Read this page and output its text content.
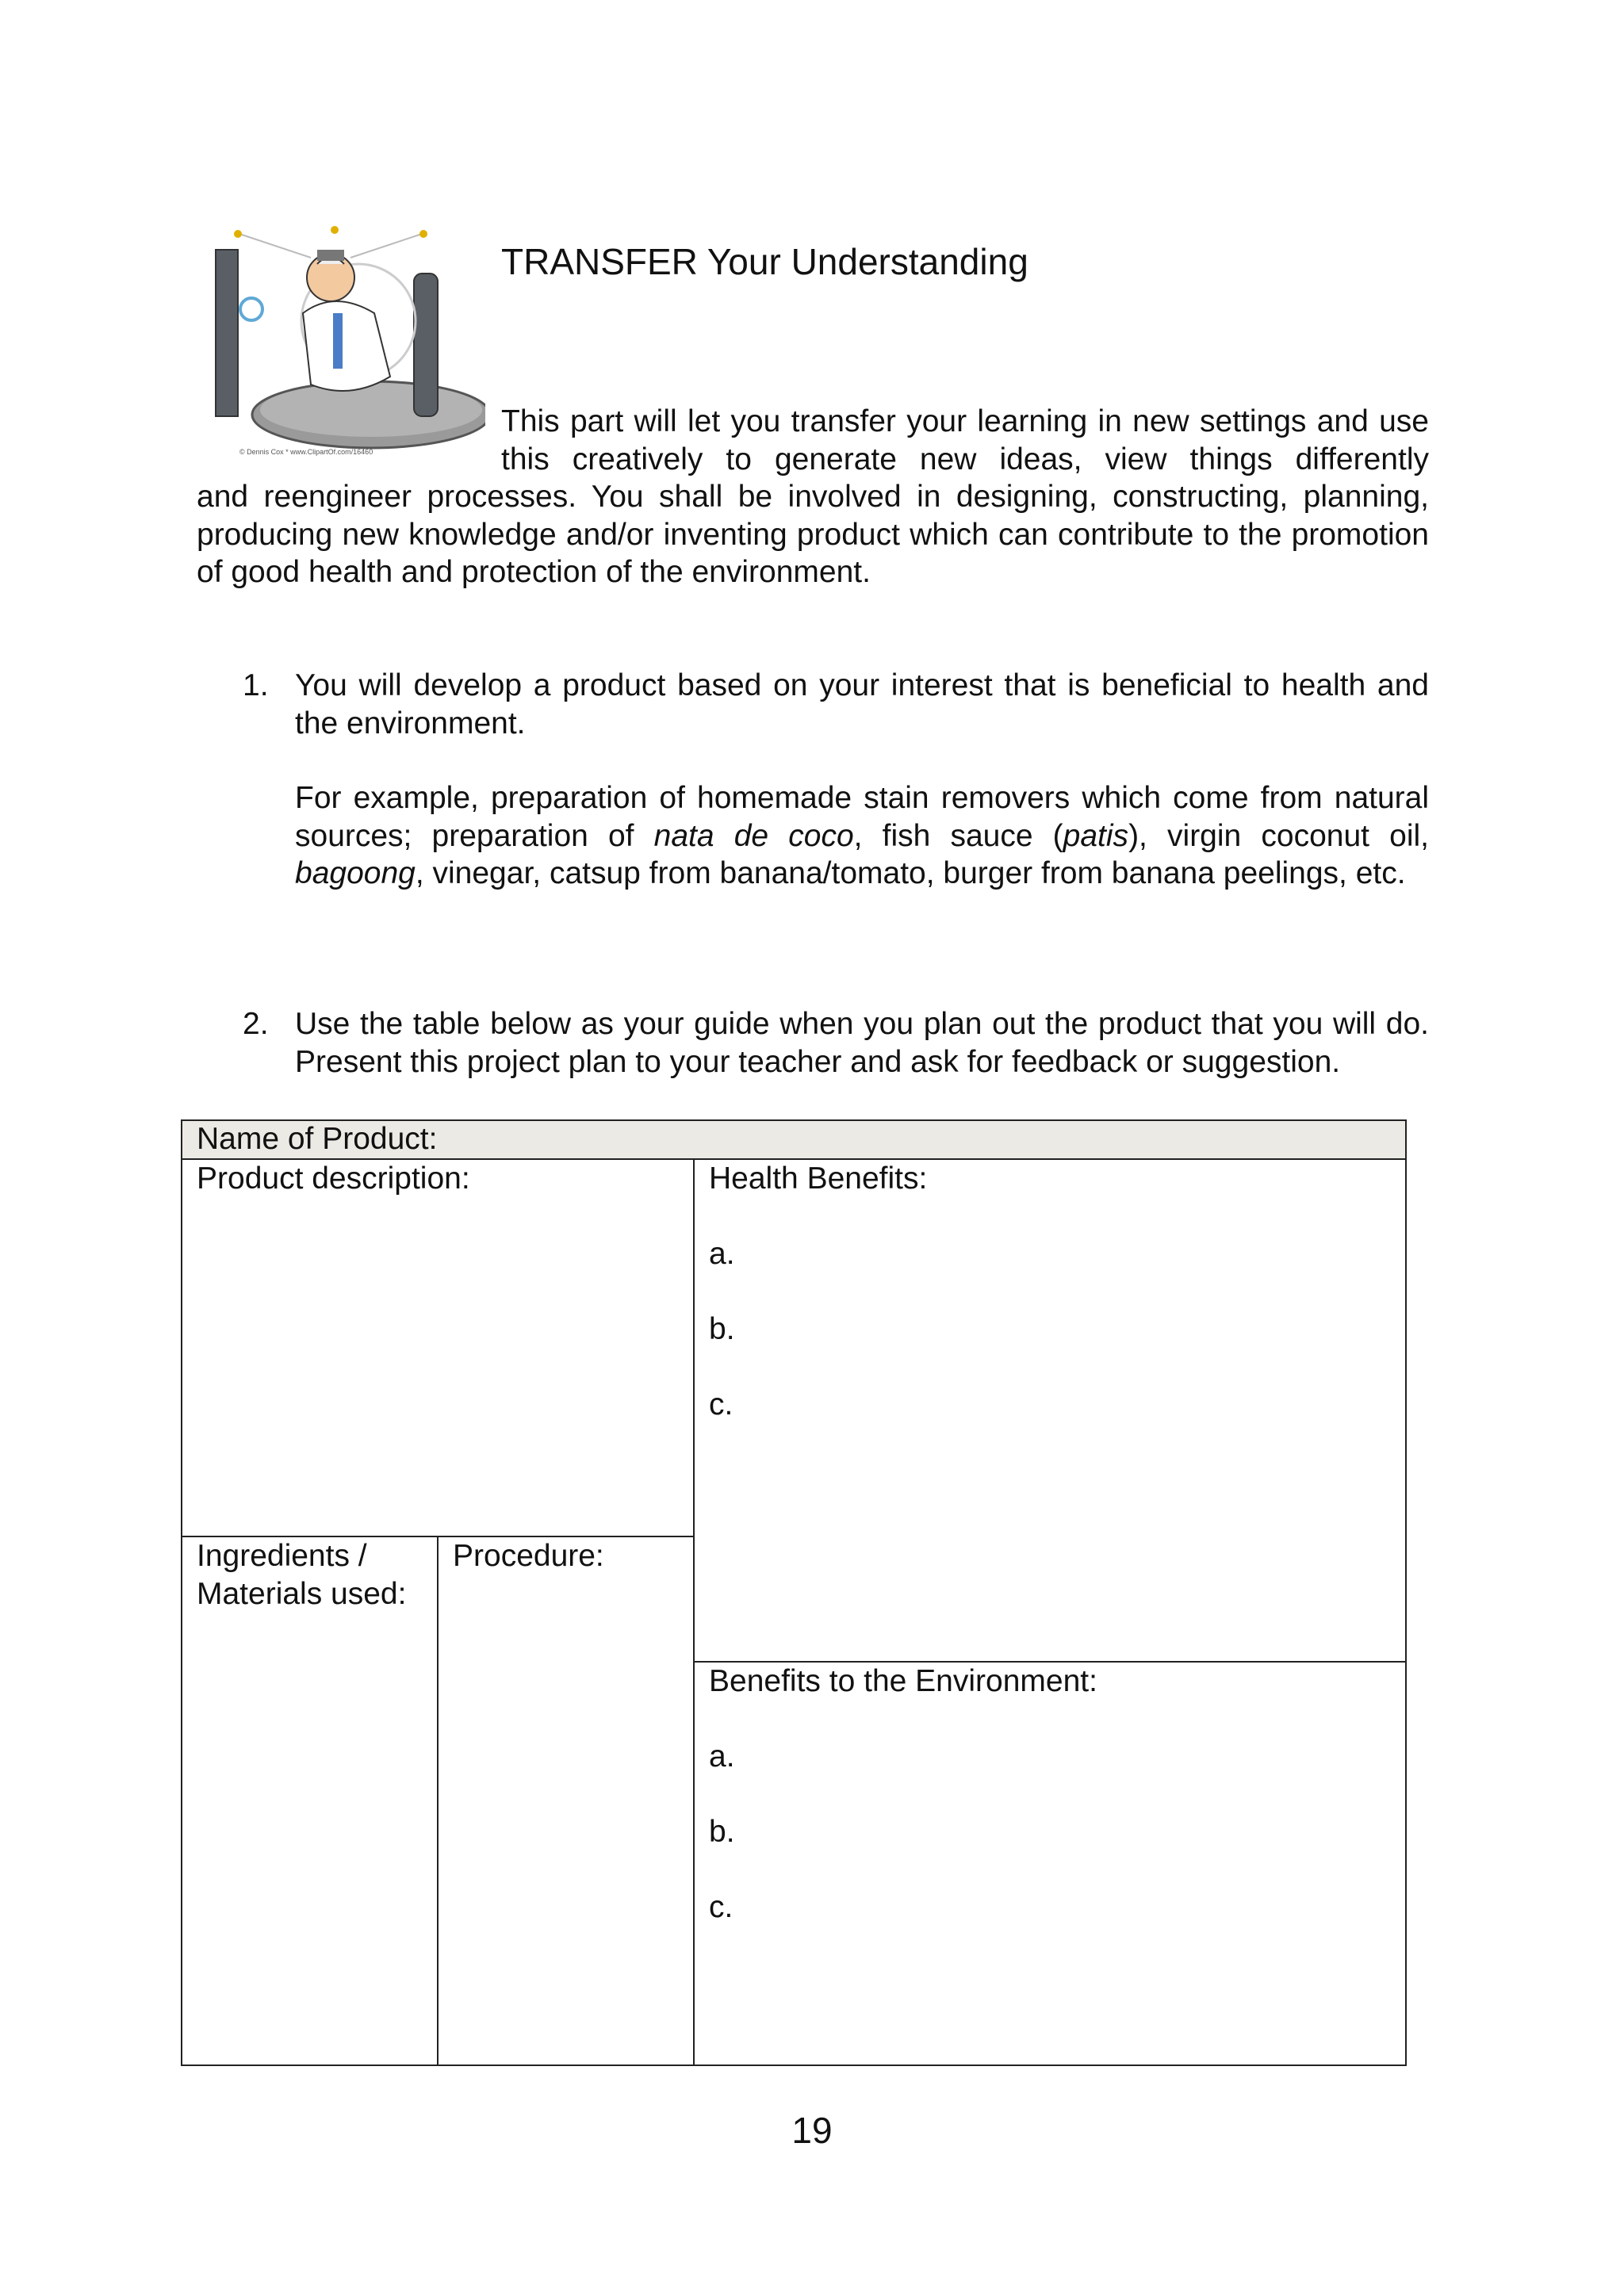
© Dennis Cox * www.ClipartOf.com/16460
TRANSFER Your Understanding
This part will let you transfer your learning in new settings and use this creatively to generate new ideas, view things differently
and reengineer processes. You shall be involved in designing, constructing, planning, producing new knowledge and/or inventing product which can contribute to the promotion of good health and protection of the environment.
1. You will develop a product based on your interest that is beneficial to health and the environment.
For example, preparation of homemade stain removers which come from natural sources; preparation of nata de coco, fish sauce (patis), virgin coconut oil, bagoong, vinegar, catsup from banana/tomato, burger from banana peelings, etc.
2. Use the table below as your guide when you plan out the product that you will do. Present this project plan to your teacher and ask for feedback or suggestion.
Name of Product:
Product description:	Health Benefits:
a.
b.
c.
Ingredients /
Materials used:
Procedure:
Benefits to the Environment:
a.
b.
c.
19
